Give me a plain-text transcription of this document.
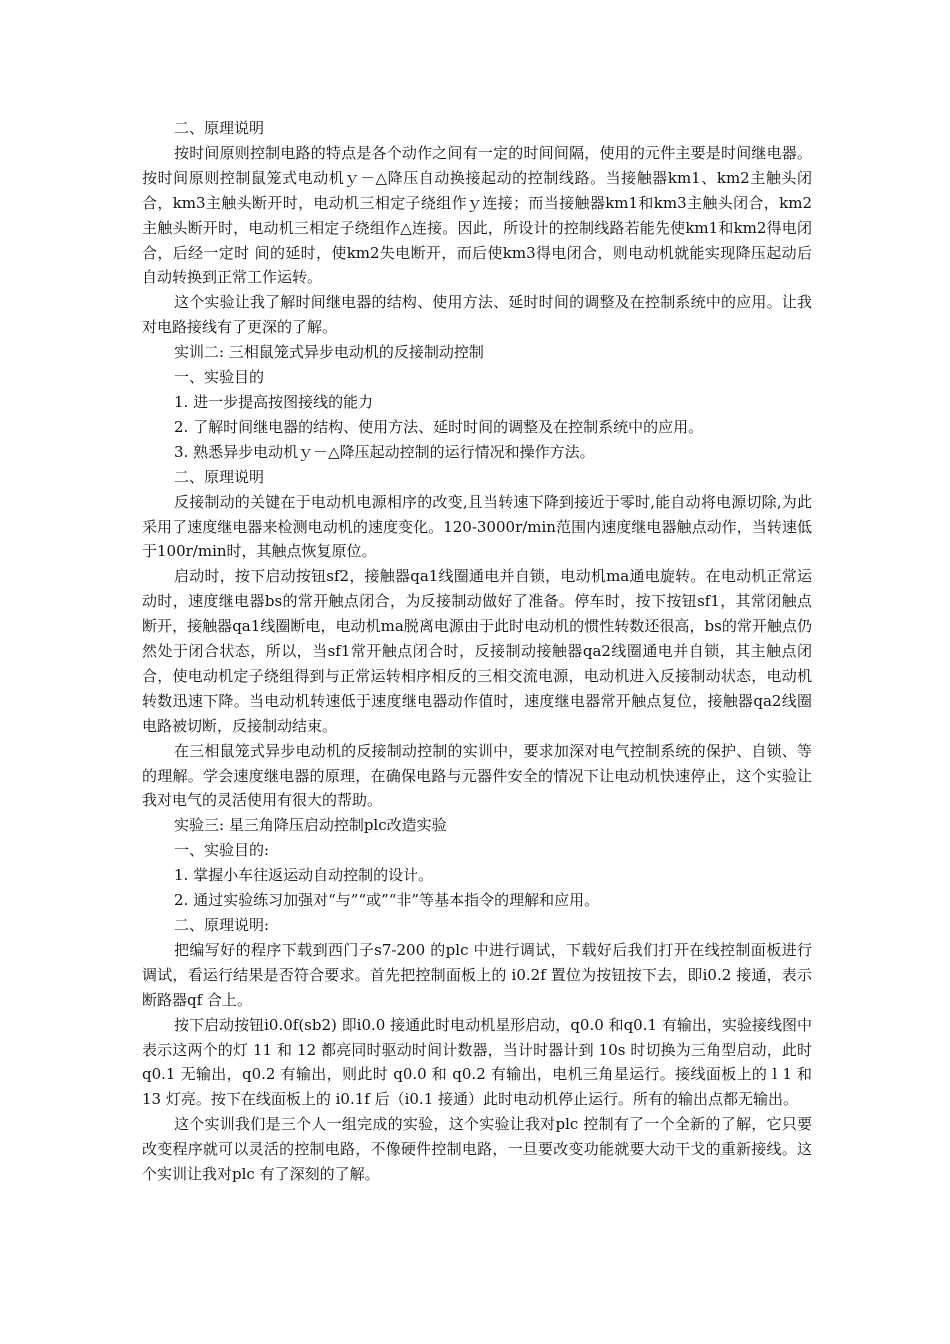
二、原理说明

按时间原则控制电路的特点是各个动作之间有一定的时间间隔，使用的元件主要是时间继电器。按时间原则控制鼠笼式电动机ｙ－△降压自动换接起动的控制线路。当接触器km1、km2主触头闭合，km3主触头断开时，电动机三相定子绕组作ｙ连接；而当接触器km1和km3主触头闭合，km2 主触头断开时，电动机三相定子绕组作△连接。因此，所设计的控制线路若能先使km1和km2得电闭合，后经一定时 间的延时，使km2失电断开，而后使km3得电闭合，则电动机就能实现降压起动后自动转换到正常工作运转。

这个实验让我了解时间继电器的结构、使用方法、延时时间的调整及在控制系统中的应用。让我对电路接线有了更深的了解。

实训二: 三相鼠笼式异步电动机的反接制动控制

一、实验目的

1. 进一步提高按图接线的能力

2. 了解时间继电器的结构、使用方法、延时时间的调整及在控制系统中的应用。

3. 熟悉异步电动机ｙ－△降压起动控制的运行情况和操作方法。

二、原理说明

反接制动的关键在于电动机电源相序的改变,且当转速下降到接近于零时,能自动将电源切除,为此采用了速度继电器来检测电动机的速度变化。120-3000r/min范围内速度继电器触点动作，当转速低于100r/min时，其触点恢复原位。

启动时，按下启动按钮sf2，接触器qa1线圈通电并自锁，电动机ma通电旋转。在电动机正常运动时，速度继电器bs的常开触点闭合，为反接制动做好了准备。停车时，按下按钮sf1，其常闭触点断开，接触器qa1线圈断电，电动机ma脱离电源由于此时电动机的惯性转数还很高，bs的常开触点仍然处于闭合状态，所以，当sf1常开触点闭合时，反接制动接触器qa2线圈通电并自锁，其主触点闭合，使电动机定子绕组得到与正常运转相序相反的三相交流电源，电动机进入反接制动状态，电动机转数迅速下降。当电动机转速低于速度继电器动作值时，速度继电器常开触点复位，接触器qa2线圈电路被切断，反接制动结束。

在三相鼠笼式异步电动机的反接制动控制的实训中，要求加深对电气控制系统的保护、自锁、等的理解。学会速度继电器的原理，在确保电路与元器件安全的情况下让电动机快速停止，这个实验让我对电气的灵活使用有很大的帮助。

实验三: 星三角降压启动控制plc改造实验

一、实验目的:

1. 掌握小车往返运动自动控制的设计。

2. 通过实验练习加强对“与”“或”“非”等基本指令的理解和应用。

二、原理说明:

把编写好的程序下载到西门子s7-200 的plc 中进行调试，下载好后我们打开在线控制面板进行调试，看运行结果是否符合要求。首先把控制面板上的 i0.2f 置位为按钮按下去，即i0.2 接通，表示断路器qf 合上。

按下启动按钮i0.0f(sb2) 即i0.0 接通此时电动机星形启动，q0.0 和q0.1 有输出，实验接线图中表示这两个的灯 11 和 12 都亮同时驱动时间计数器，当计时器计到 10s 时切换为三角型启动，此时 q0.1 无输出，q0.2 有输出，则此时 q0.0 和 q0.2 有输出，电机三角星运行。接线面板上的 l 1 和 13 灯亮。按下在线面板上的 i0.1f 后（i0.1 接通）此时电动机停止运行。所有的输出点都无输出。

这个实训我们是三个人一组完成的实验，这个实验让我对plc 控制有了一个全新的了解，它只要改变程序就可以灵活的控制电路，不像硬件控制电路，一旦要改变功能就要大动干戈的重新接线。这个实训让我对plc 有了深刻的了解。
